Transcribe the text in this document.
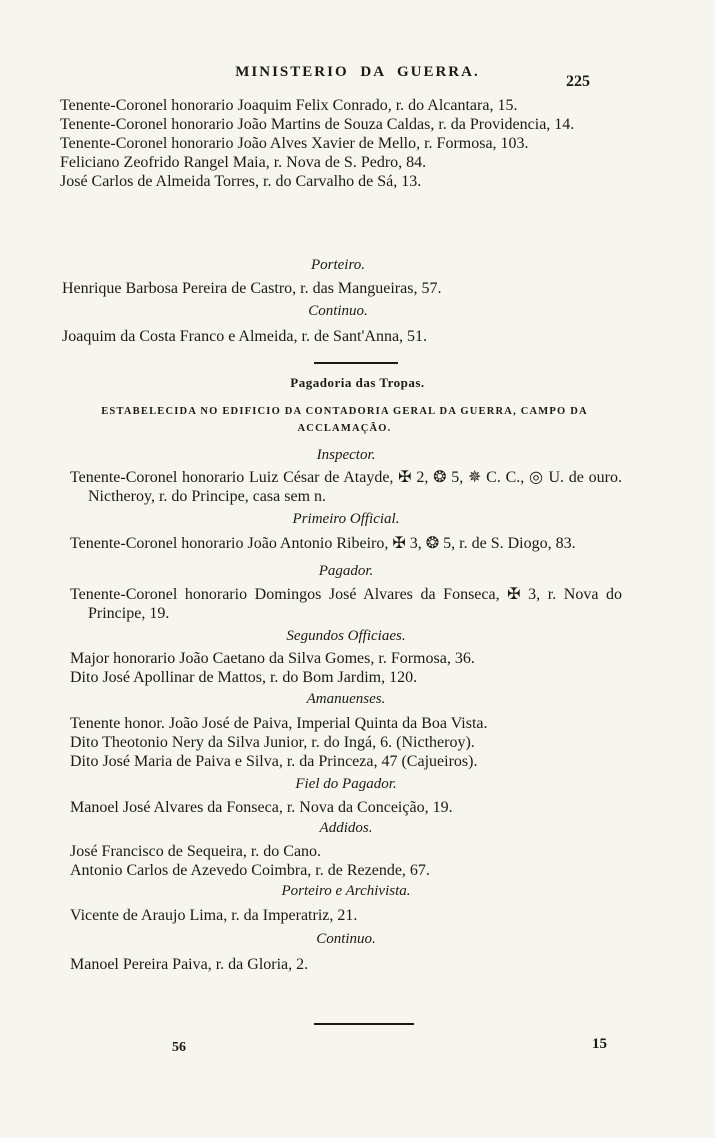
MINISTERIO DA GUERRA.
225

Tenente-Coronel honorario Joaquim Felix Conrado, r. do Alcantara, 15.

Tenente-Coronel honorario João Martins de Souza Caldas, r. da Providencia, 14.

Tenente-Coronel honorario João Alves Xavier de Mello, r. Formosa, 103.

Feliciano Zeofrido Rangel Maia, r. Nova de S. Pedro, 84.

José Carlos de Almeida Torres, r. do Carvalho de Sá, 13.

Porteiro.

Henrique Barbosa Pereira de Castro, r. das Mangueiras, 57.

Continuo.

Joaquim da Costa Franco e Almeida, r. de Sant'Anna, 51.

Pagadoria das Tropas.
ESTABELECIDA NO EDIFICIO DA CONTADORIA GERAL DA GUERRA, CAMPO DA ACCLAMAÇÃO.

Inspector.

Tenente-Coronel honorario Luiz César de Atayde, ✠ 2, ❂ 5, ✵ C. C., ◎ U. de ouro. Nictheroy, r. do Principe, casa sem n.

Primeiro Official.

Tenente-Coronel honorario João Antonio Ribeiro, ✠ 3, ❂ 5, r. de S. Diogo, 83.

Pagador.

Tenente-Coronel honorario Domingos José Alvares da Fonseca, ✠ 3, r. Nova do Principe, 19.

Segundos Officiaes.

Major honorario João Caetano da Silva Gomes, r. Formosa, 36.

Dito José Apollinar de Mattos, r. do Bom Jardim, 120.

Amanuenses.

Tenente honor. João José de Paiva, Imperial Quinta da Boa Vista.

Dito Theotonio Nery da Silva Junior, r. do Ingá, 6. (Nictheroy).

Dito José Maria de Paiva e Silva, r. da Princeza, 47 (Cajueiros).

Fiel do Pagador.

Manoel José Alvares da Fonseca, r. Nova da Conceição, 19.

Addidos.

José Francisco de Sequeira, r. do Cano.

Antonio Carlos de Azevedo Coimbra, r. de Rezende, 67.

Porteiro e Archivista.

Vicente de Araujo Lima, r. da Imperatriz, 21.

Continuo.

Manoel Pereira Paiva, r. da Gloria, 2.

56	15
